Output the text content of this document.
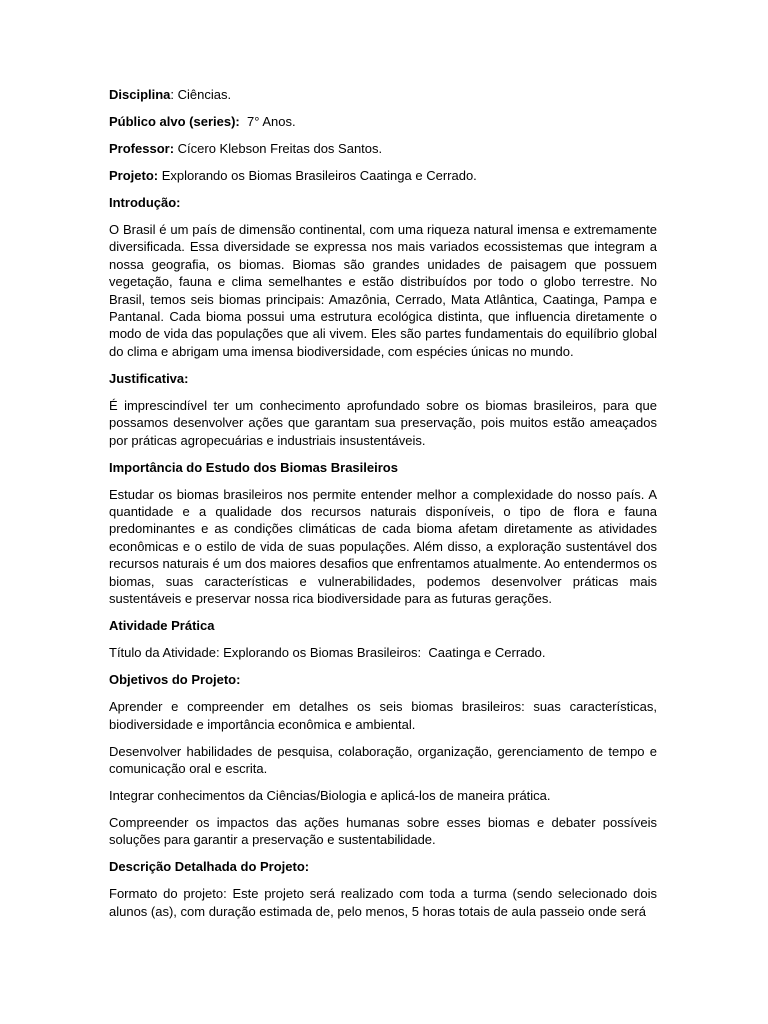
Disciplina: Ciências.

Público alvo (series):  7° Anos.

Professor: Cícero Klebson Freitas dos Santos.

Projeto: Explorando os Biomas Brasileiros Caatinga e Cerrado.

Introdução:

O Brasil é um país de dimensão continental, com uma riqueza natural imensa e extremamente diversificada. Essa diversidade se expressa nos mais variados ecossistemas que integram a nossa geografia, os biomas. Biomas são grandes unidades de paisagem que possuem vegetação, fauna e clima semelhantes e estão distribuídos por todo o globo terrestre. No Brasil, temos seis biomas principais: Amazônia, Cerrado, Mata Atlântica, Caatinga, Pampa e Pantanal. Cada bioma possui uma estrutura ecológica distinta, que influencia diretamente o modo de vida das populações que ali vivem. Eles são partes fundamentais do equilíbrio global do clima e abrigam uma imensa biodiversidade, com espécies únicas no mundo.

Justificativa:

É imprescindível ter um conhecimento aprofundado sobre os biomas brasileiros, para que possamos desenvolver ações que garantam sua preservação, pois muitos estão ameaçados por práticas agropecuárias e industriais insustentáveis.

Importância do Estudo dos Biomas Brasileiros

Estudar os biomas brasileiros nos permite entender melhor a complexidade do nosso país. A quantidade e a qualidade dos recursos naturais disponíveis, o tipo de flora e fauna predominantes e as condições climáticas de cada bioma afetam diretamente as atividades econômicas e o estilo de vida de suas populações. Além disso, a exploração sustentável dos recursos naturais é um dos maiores desafios que enfrentamos atualmente. Ao entendermos os biomas, suas características e vulnerabilidades, podemos desenvolver práticas mais sustentáveis e preservar nossa rica biodiversidade para as futuras gerações.

Atividade Prática

Título da Atividade: Explorando os Biomas Brasileiros:  Caatinga e Cerrado.

Objetivos do Projeto:

Aprender e compreender em detalhes os seis biomas brasileiros: suas características, biodiversidade e importância econômica e ambiental.

Desenvolver habilidades de pesquisa, colaboração, organização, gerenciamento de tempo e comunicação oral e escrita.

Integrar conhecimentos da Ciências/Biologia e aplicá-los de maneira prática.

Compreender os impactos das ações humanas sobre esses biomas e debater possíveis soluções para garantir a preservação e sustentabilidade.

Descrição Detalhada do Projeto:

Formato do projeto: Este projeto será realizado com toda a turma (sendo selecionado dois alunos (as), com duração estimada de, pelo menos, 5 horas totais de aula passeio onde será
